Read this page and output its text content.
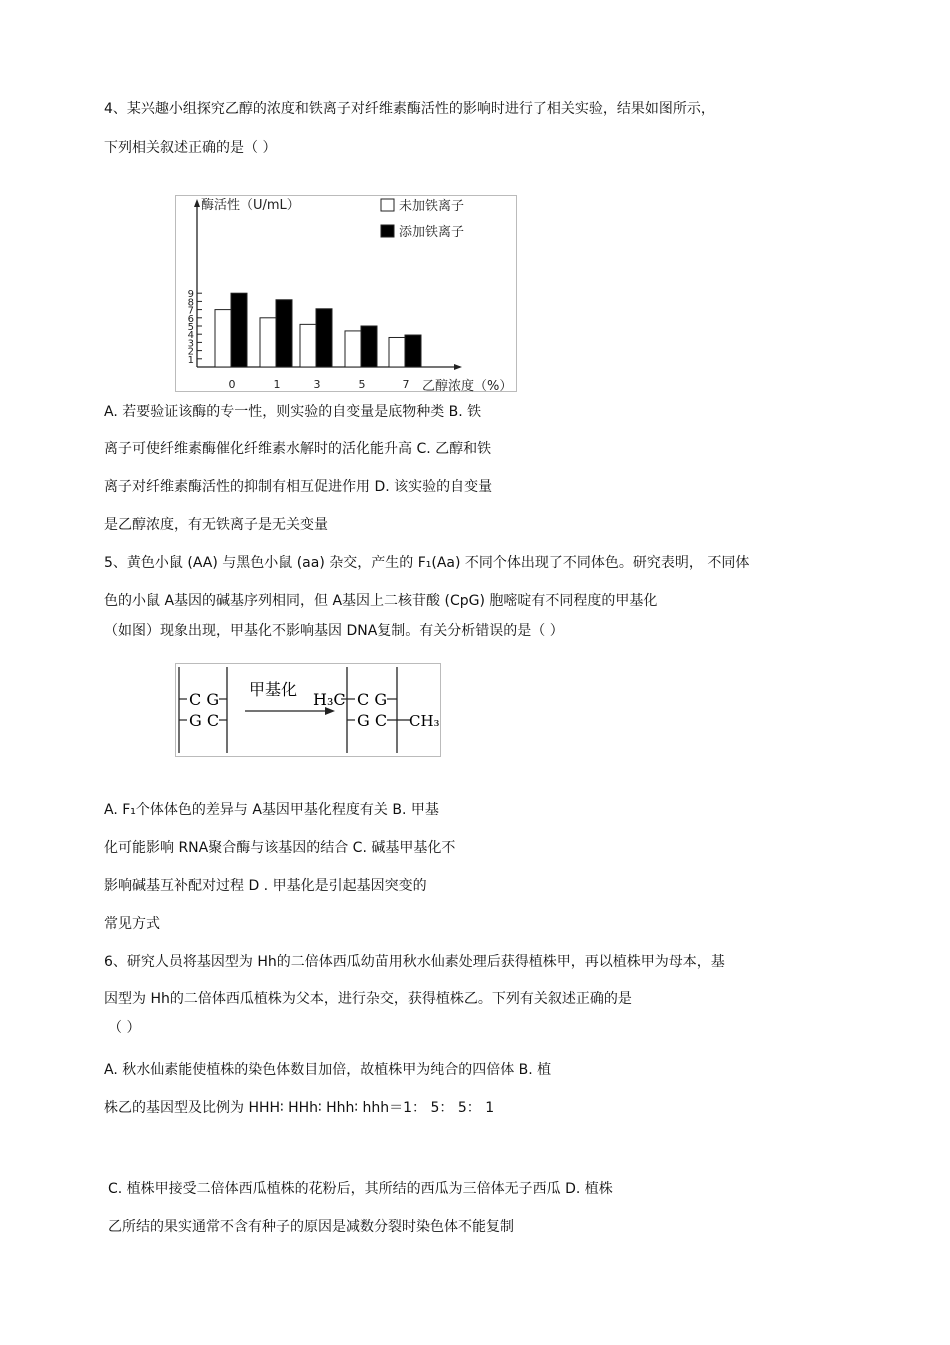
4、某兴趣小组探究乙醇的浓度和铁离子对纤维素酶活性的影响时进行了相关实验，结果如图所示，
下列相关叙述正确的是（ ）
1
2
3
4
5
6
7
8
9
酶活性（U/mL）
0	1	3	5	7 乙醇浓度（%）
未加铁离子
添加铁离子
A. 若要验证该酶的专一性，则实验的自变量是底物种类 B. 铁
离子可使纤维素酶催化纤维素水解时的活化能升高 C. 乙醇和铁
离子对纤维素酶活性的抑制有相互促进作用 D. 该实验的自变量
是乙醇浓度，有无铁离子是无关变量
5、黄色小鼠 (AA) 与黑色小鼠 (aa) 杂交，产生的 F₁(Aa) 不同个体出现了不同体色。研究表明， 不同体
色的小鼠 A基因的碱基序列相同，但 A基因上二核苷酸 (CpG) 胞嘧啶有不同程度的甲基化
（如图）现象出现，甲基化不影响基因 DNA复制。有关分析错误的是（ ）
C G
G C
甲基化
H₃C C G
G C CH₃
A. F₁个体体色的差异与 A基因甲基化程度有关 B. 甲基
化可能影响 RNA聚合酶与该基因的结合 C. 碱基甲基化不
影响碱基互补配对过程 D . 甲基化是引起基因突变的
常见方式
6、研究人员将基因型为 Hh的二倍体西瓜幼苗用秋水仙素处理后获得植株甲，再以植株甲为母本，基
因型为 Hh的二倍体西瓜植株为父本，进行杂交，获得植株乙。下列有关叙述正确的是
（ ）
A. 秋水仙素能使植株的染色体数目加倍，故植株甲为纯合的四倍体 B. 植
株乙的基因型及比例为 HHH∶ HHh∶ Hhh∶ hhh＝1： 5： 5： 1
C. 植株甲接受二倍体西瓜植株的花粉后，其所结的西瓜为三倍体无子西瓜 D. 植株
乙所结的果实通常不含有种子的原因是减数分裂时染色体不能复制
